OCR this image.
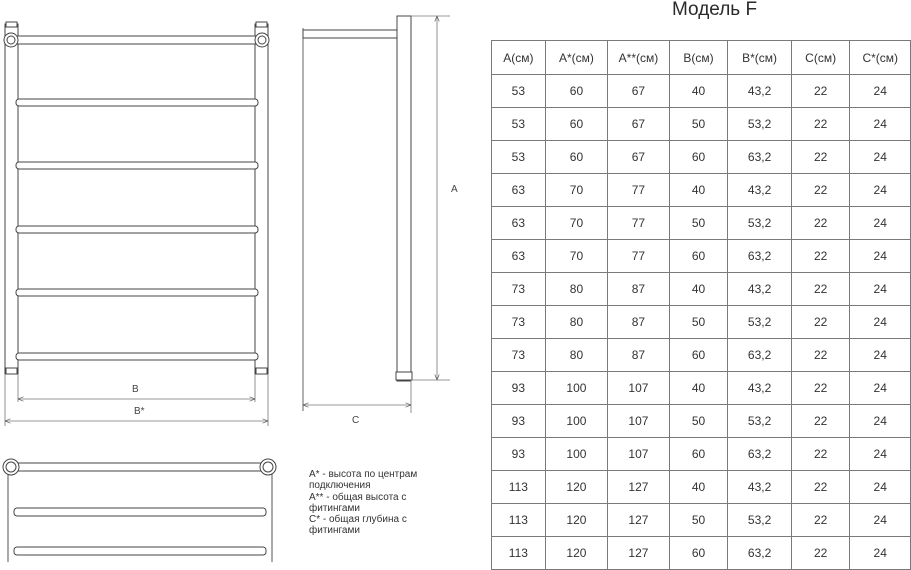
A
B
B*
C
А* - высота по центрам подключения
А** - общая высота с фитингами
С* - общая глубина с фитингами
Модель F
А(см)	А*(см)	А**(см)	В(см)	В*(см)	С(см)	С*(см)
53	60	67	40	43,2	22	24
53	60	67	50	53,2	22	24
53	60	67	60	63,2	22	24
63	70	77	40	43,2	22	24
63	70	77	50	53,2	22	24
63	70	77	60	63,2	22	24
73	80	87	40	43,2	22	24
73	80	87	50	53,2	22	24
73	80	87	60	63,2	22	24
93	100	107	40	43,2	22	24
93	100	107	50	53,2	22	24
93	100	107	60	63,2	22	24
113	120	127	40	43,2	22	24
113	120	127	50	53,2	22	24
113	120	127	60	63,2	22	24
